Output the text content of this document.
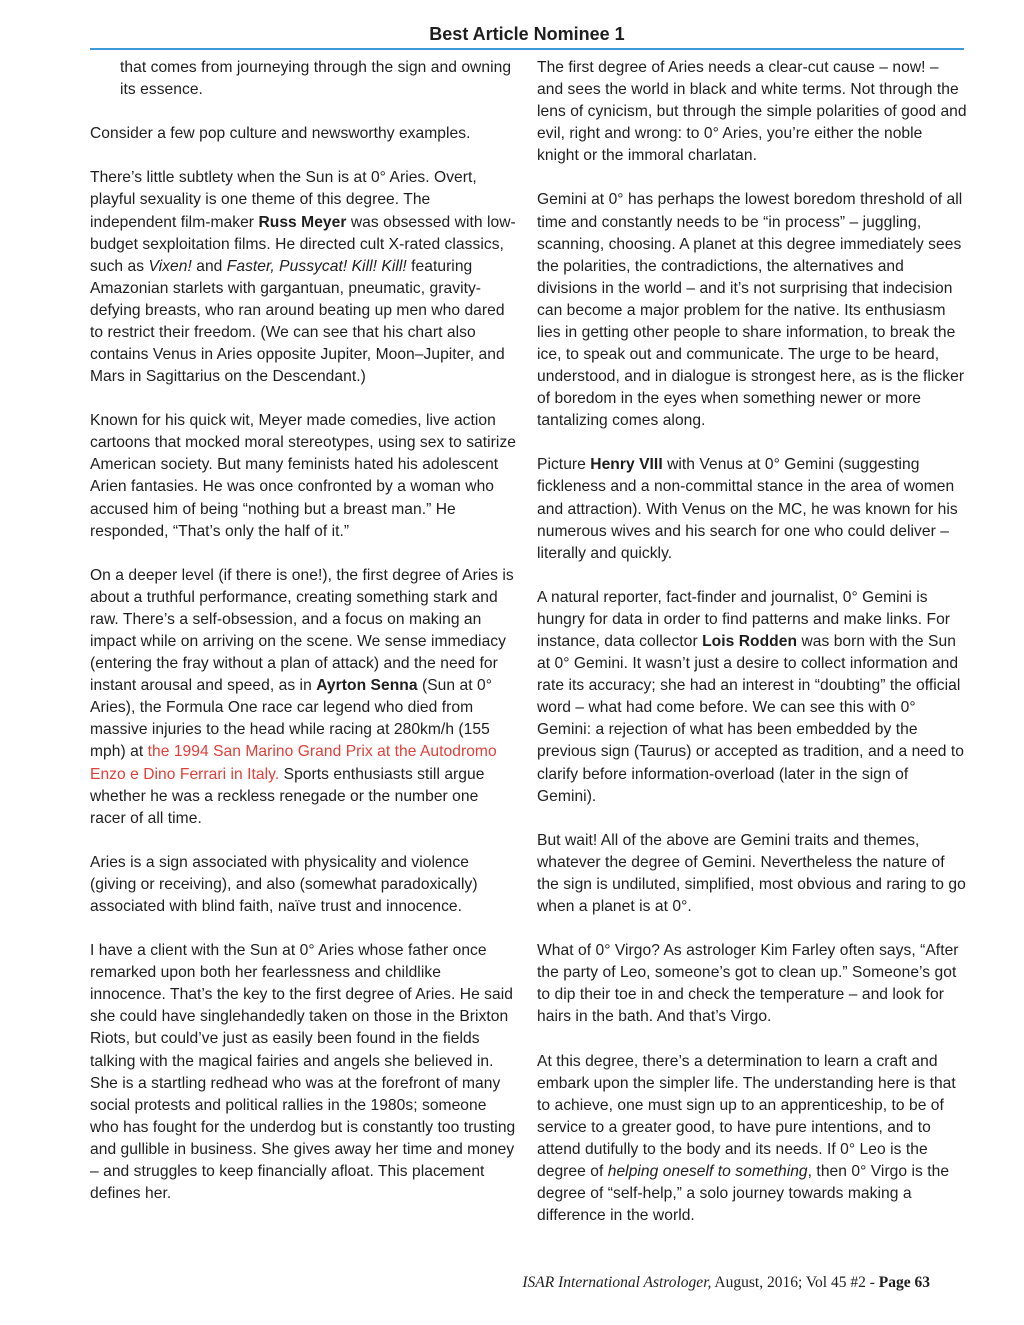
Best Article Nominee 1

that comes from journeying through the sign and owning its essence.

Consider a few pop culture and newsworthy examples.

There’s little subtlety when the Sun is at 0° Aries. Overt, playful sexuality is one theme of this degree. The independent film-maker Russ Meyer was obsessed with low-budget sexploitation films. He directed cult X-rated classics, such as Vixen! and Faster, Pussycat! Kill! Kill! featuring Amazonian starlets with gargantuan, pneumatic, gravity-defying breasts, who ran around beating up men who dared to restrict their freedom. (We can see that his chart also contains Venus in Aries opposite Jupiter, Moon–Jupiter, and Mars in Sagittarius on the Descendant.)

Known for his quick wit, Meyer made comedies, live action cartoons that mocked moral stereotypes, using sex to satirize American society. But many feminists hated his adolescent Arien fantasies. He was once confronted by a woman who accused him of being “nothing but a breast man.” He responded, “That’s only the half of it.”

On a deeper level (if there is one!), the first degree of Aries is about a truthful performance, creating something stark and raw. There’s a self-obsession, and a focus on making an impact while on arriving on the scene. We sense immediacy (entering the fray without a plan of attack) and the need for instant arousal and speed, as in Ayrton Senna (Sun at 0° Aries), the Formula One race car legend who died from massive injuries to the head while racing at 280km/h (155 mph) at the 1994 San Marino Grand Prix at the Autodromo Enzo e Dino Ferrari in Italy. Sports enthusiasts still argue whether he was a reckless renegade or the number one racer of all time.

Aries is a sign associated with physicality and violence (giving or receiving), and also (somewhat paradoxically) associated with blind faith, naïve trust and innocence.

I have a client with the Sun at 0° Aries whose father once remarked upon both her fearlessness and childlike innocence. That’s the key to the first degree of Aries. He said she could have singlehandedly taken on those in the Brixton Riots, but could’ve just as easily been found in the fields talking with the magical fairies and angels she believed in. She is a startling redhead who was at the forefront of many social protests and political rallies in the 1980s; someone who has fought for the underdog but is constantly too trusting and gullible in business. She gives away her time and money – and struggles to keep financially afloat. This placement defines her.

The first degree of Aries needs a clear-cut cause – now! – and sees the world in black and white terms. Not through the lens of cynicism, but through the simple polarities of good and evil, right and wrong: to 0° Aries, you’re either the noble knight or the immoral charlatan.

Gemini at 0° has perhaps the lowest boredom threshold of all time and constantly needs to be “in process” – juggling, scanning, choosing. A planet at this degree immediately sees the polarities, the contradictions, the alternatives and divisions in the world – and it’s not surprising that indecision can become a major problem for the native. Its enthusiasm lies in getting other people to share information, to break the ice, to speak out and communicate. The urge to be heard, understood, and in dialogue is strongest here, as is the flicker of boredom in the eyes when something newer or more tantalizing comes along.

Picture Henry VIII with Venus at 0° Gemini (suggesting fickleness and a non-committal stance in the area of women and attraction). With Venus on the MC, he was known for his numerous wives and his search for one who could deliver – literally and quickly.

A natural reporter, fact-finder and journalist, 0° Gemini is hungry for data in order to find patterns and make links. For instance, data collector Lois Rodden was born with the Sun at 0° Gemini. It wasn’t just a desire to collect information and rate its accuracy; she had an interest in “doubting” the official word – what had come before. We can see this with 0° Gemini: a rejection of what has been embedded by the previous sign (Taurus) or accepted as tradition, and a need to clarify before information-overload (later in the sign of Gemini).

But wait! All of the above are Gemini traits and themes, whatever the degree of Gemini. Nevertheless the nature of the sign is undiluted, simplified, most obvious and raring to go when a planet is at 0°.

What of 0° Virgo? As astrologer Kim Farley often says, “After the party of Leo, someone’s got to clean up.” Someone’s got to dip their toe in and check the temperature – and look for hairs in the bath. And that’s Virgo.

At this degree, there’s a determination to learn a craft and embark upon the simpler life. The understanding here is that to achieve, one must sign up to an apprenticeship, to be of service to a greater good, to have pure intentions, and to attend dutifully to the body and its needs. If 0° Leo is the degree of helping oneself to something, then 0° Virgo is the degree of “self-help,” a solo journey towards making a difference in the world.

ISAR International Astrologer, August, 2016; Vol 45 #2 - Page 63
